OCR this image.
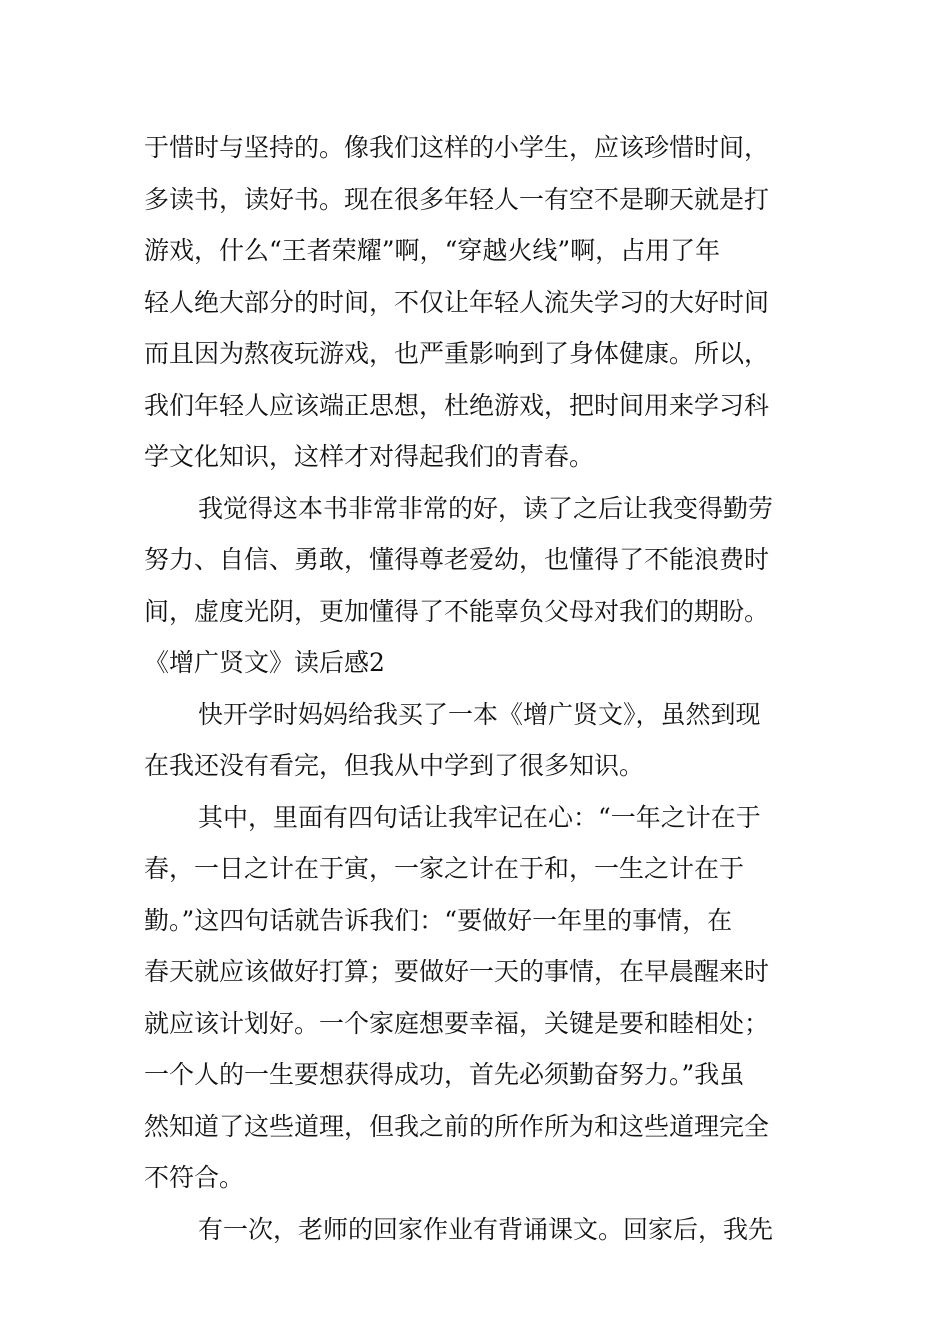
于惜时与坚持的。像我们这样的小学生，应该珍惜时间，
多读书，读好书。现在很多年轻人一有空不是聊天就是打
游戏，什么“王者荣耀”啊，“穿越火线”啊，占用了年
轻人绝大部分的时间，不仅让年轻人流失学习的大好时间
而且因为熬夜玩游戏，也严重影响到了身体健康。所以，
我们年轻人应该端正思想，杜绝游戏，把时间用来学习科
学文化知识，这样才对得起我们的青春。
我觉得这本书非常非常的好，读了之后让我变得勤劳
努力、自信、勇敢，懂得尊老爱幼，也懂得了不能浪费时
间，虚度光阴，更加懂得了不能辜负父母对我们的期盼。
《增广贤文》读后感2
快开学时妈妈给我买了一本《增广贤文》，虽然到现
在我还没有看完，但我从中学到了很多知识。
其中，里面有四句话让我牢记在心：“一年之计在于
春，一日之计在于寅，一家之计在于和，一生之计在于
勤。”这四句话就告诉我们：“要做好一年里的事情，在
春天就应该做好打算；要做好一天的事情，在早晨醒来时
就应该计划好。一个家庭想要幸福，关键是要和睦相处；
一个人的一生要想获得成功，首先必须勤奋努力。”我虽
然知道了这些道理，但我之前的所作所为和这些道理完全
不符合。
有一次，老师的回家作业有背诵课文。回家后，我先
